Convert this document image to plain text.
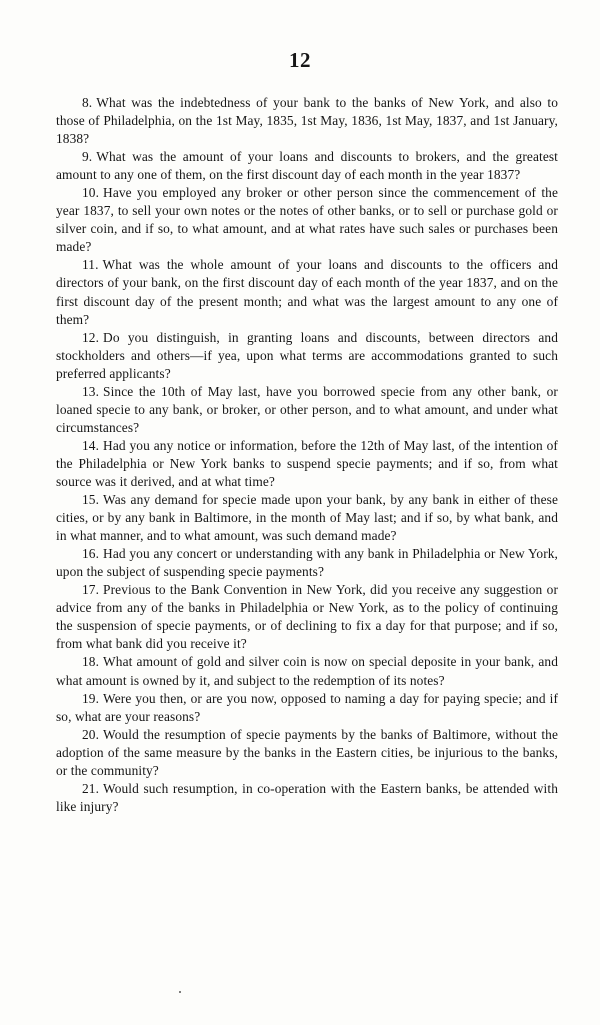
12
8. What was the indebtedness of your bank to the banks of New York, and also to those of Philadelphia, on the 1st May, 1835, 1st May, 1836, 1st May, 1837, and 1st January, 1838?
9. What was the amount of your loans and discounts to brokers, and the greatest amount to any one of them, on the first discount day of each month in the year 1837?
10. Have you employed any broker or other person since the commencement of the year 1837, to sell your own notes or the notes of other banks, or to sell or purchase gold or silver coin, and if so, to what amount, and at what rates have such sales or purchases been made?
11. What was the whole amount of your loans and discounts to the officers and directors of your bank, on the first discount day of each month of the year 1837, and on the first discount day of the present month; and what was the largest amount to any one of them?
12. Do you distinguish, in granting loans and discounts, between directors and stockholders and others—if yea, upon what terms are accommodations granted to such preferred applicants?
13. Since the 10th of May last, have you borrowed specie from any other bank, or loaned specie to any bank, or broker, or other person, and to what amount, and under what circumstances?
14. Had you any notice or information, before the 12th of May last, of the intention of the Philadelphia or New York banks to suspend specie payments; and if so, from what source was it derived, and at what time?
15. Was any demand for specie made upon your bank, by any bank in either of these cities, or by any bank in Baltimore, in the month of May last; and if so, by what bank, and in what manner, and to what amount, was such demand made?
16. Had you any concert or understanding with any bank in Philadelphia or New York, upon the subject of suspending specie payments?
17. Previous to the Bank Convention in New York, did you receive any suggestion or advice from any of the banks in Philadelphia or New York, as to the policy of continuing the suspension of specie payments, or of declining to fix a day for that purpose; and if so, from what bank did you receive it?
18. What amount of gold and silver coin is now on special deposite in your bank, and what amount is owned by it, and subject to the redemption of its notes?
19. Were you then, or are you now, opposed to naming a day for paying specie; and if so, what are your reasons?
20. Would the resumption of specie payments by the banks of Baltimore, without the adoption of the same measure by the banks in the Eastern cities, be injurious to the banks, or the community?
21. Would such resumption, in co-operation with the Eastern banks, be attended with like injury?
